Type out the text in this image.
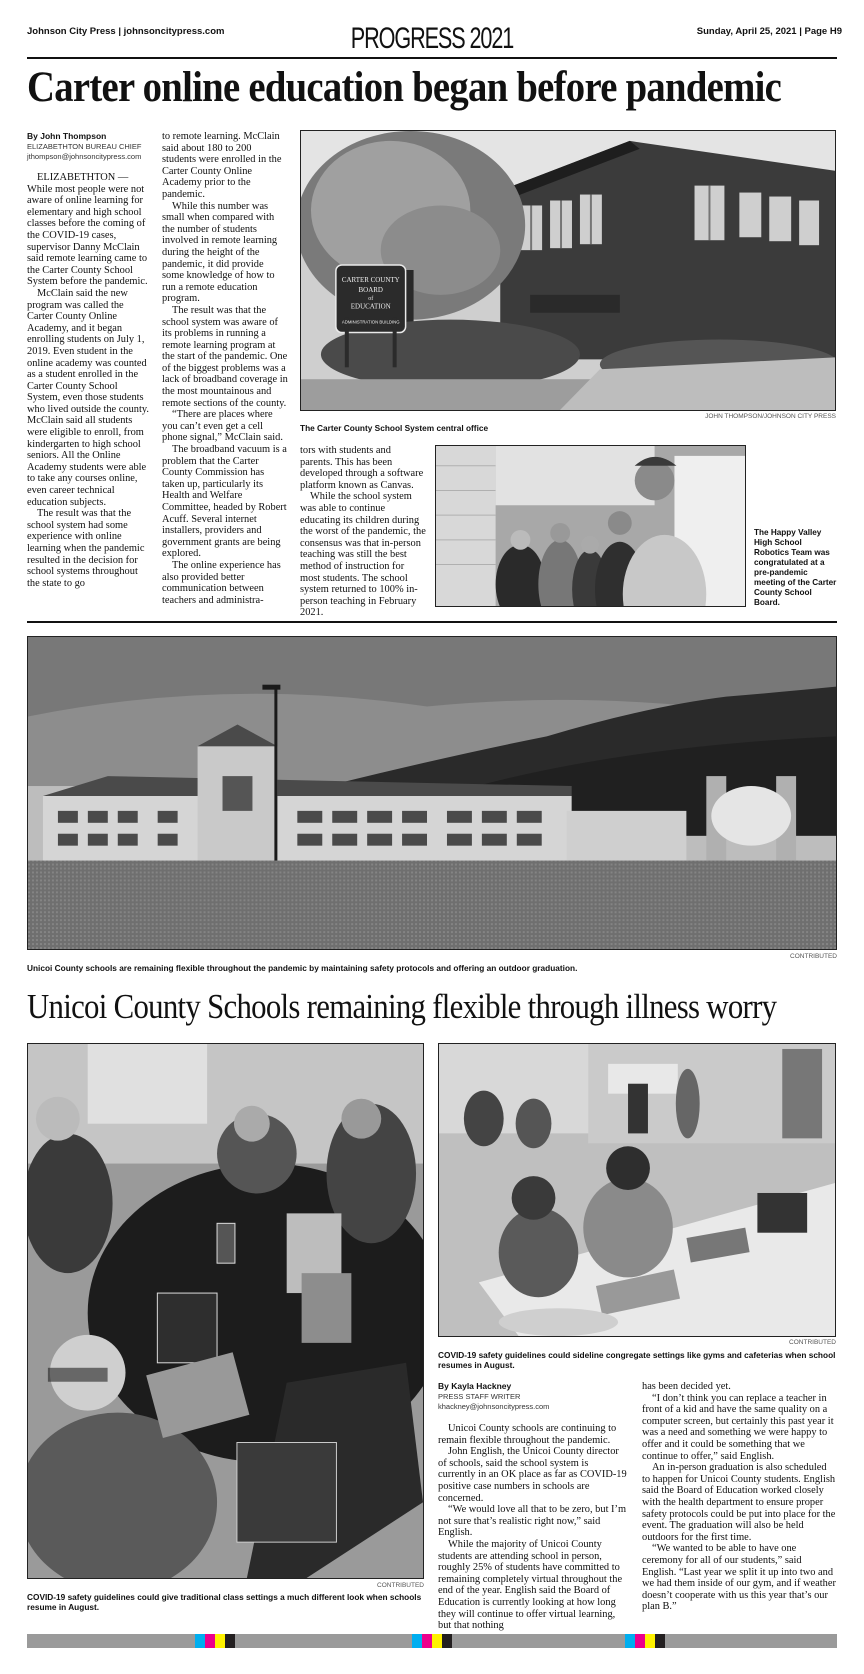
Johnson City Press | johnsoncitypress.com	PROGRESS 2021	Sunday, April 25, 2021 | Page H9
Carter online education began before pandemic
By John Thompson
ELIZABETHTON BUREAU CHIEF
jthompson@johnsoncitypress.com

ELIZABETHTON — While most people were not aware of online learning for elementary and high school classes before the coming of the COVID-19 cases, supervisor Danny McClain said remote learning came to the Carter County School System before the pandemic.

McClain said the new program was called the Carter County Online Academy, and it began enrolling students on July 1, 2019. Even student in the online academy was counted as a student enrolled in the Carter County School System, even those students who lived outside the county. McClain said all students were eligible to enroll, from kindergarten to high school seniors. All the Online Academy students were able to take any courses online, even career technical education subjects.

The result was that the school system had some experience with online learning when the pandemic resulted in the decision for school systems throughout the state to go

to remote learning. McClain said about 180 to 200 students were enrolled in the Carter County Online Academy prior to the pandemic.

While this number was small when compared with the number of students involved in remote learning during the height of the pandemic, it did provide some knowledge of how to run a remote education program.

The result was that the school system was aware of its problems in running a remote learning program at the start of the pandemic. One of the biggest problems was a lack of broadband coverage in the most mountainous and remote sections of the county.

“There are places where you can’t even get a cell phone signal,” McClain said.

The broadband vacuum is a problem that the Carter County Commission has taken up, particularly its Health and Welfare Committee, headed by Robert Acuff. Several internet installers, providers and government grants are being explored.

The online experience has also provided better communication between teachers and administra-

CARTER COUNTY
BOARD
of
EDUCATION
ADMINISTRATION BUILDING
JOHN THOMPSON/JOHNSON CITY PRESS
The Carter County School System central office

tors with students and parents. This has been developed through a software platform known as Canvas.

While the school system was able to continue educating its children during the worst of the pandemic, the consensus was that in-person teaching was still the best method of instruction for most students. The school system returned to 100% in-person teaching in February 2021.

The Happy Valley High School Robotics Team was congratulated at a pre-pandemic meeting of the Carter County School Board.
CONTRIBUTED
Unicoi County schools are remaining flexible throughout the pandemic by maintaining safety protocols and offering an outdoor graduation.
Unicoi County Schools remaining flexible through illness worry
CONTRIBUTED
COVID-19 safety guidelines could give traditional class settings a much different look when schools resume in August.
CONTRIBUTED
COVID-19 safety guidelines could sideline congregate settings like gyms and cafeterias when school resumes in August.
By Kayla Hackney
PRESS STAFF WRITER
khackney@johnsoncitypress.com

Unicoi County schools are continuing to remain flexible throughout the pandemic.

John English, the Unicoi County director of schools, said the school system is currently in an OK place as far as COVID-19 positive case numbers in schools are concerned.

“We would love all that to be zero, but I’m not sure that’s realistic right now,” said English.

While the majority of Unicoi County students are attending school in person, roughly 25% of students have committed to remaining completely virtual throughout the end of the year. English said the Board of Education is currently looking at how long they will continue to offer virtual learning, but that nothing

has been decided yet.

“I don’t think you can replace a teacher in front of a kid and have the same quality on a computer screen, but certainly this past year it was a need and something we were happy to offer and it could be something that we continue to offer,” said English.

An in-person graduation is also scheduled to happen for Unicoi County students. English said the Board of Education worked closely with the health department to ensure proper safety protocols could be put into place for the event. The graduation will also be held outdoors for the first time.

“We wanted to be able to have one ceremony for all of our students,” said English. “Last year we split it up into two and we had them inside of our gym, and if weather doesn’t cooperate with us this year that’s our plan B.”
